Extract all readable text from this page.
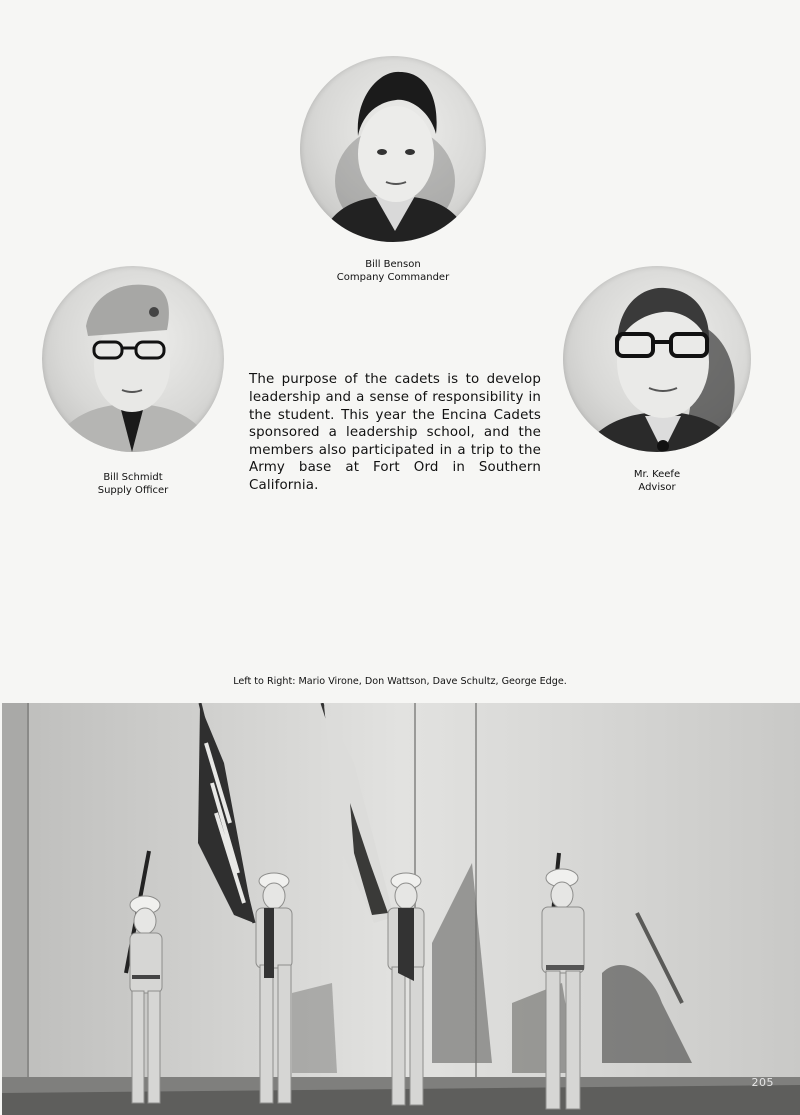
Bill Benson
Company Commander
Bill Schmidt
Supply Officer
Mr. Keefe
Advisor

The purpose of the cadets is to develop leadership and a sense of responsibility in the student. This year the Encina Cadets sponsored a leadership school, and the members also participated in a trip to the Army base at Fort Ord in Southern California.

Left to Right: Mario Virone, Don Wattson, Dave Schultz, George Edge.
205
